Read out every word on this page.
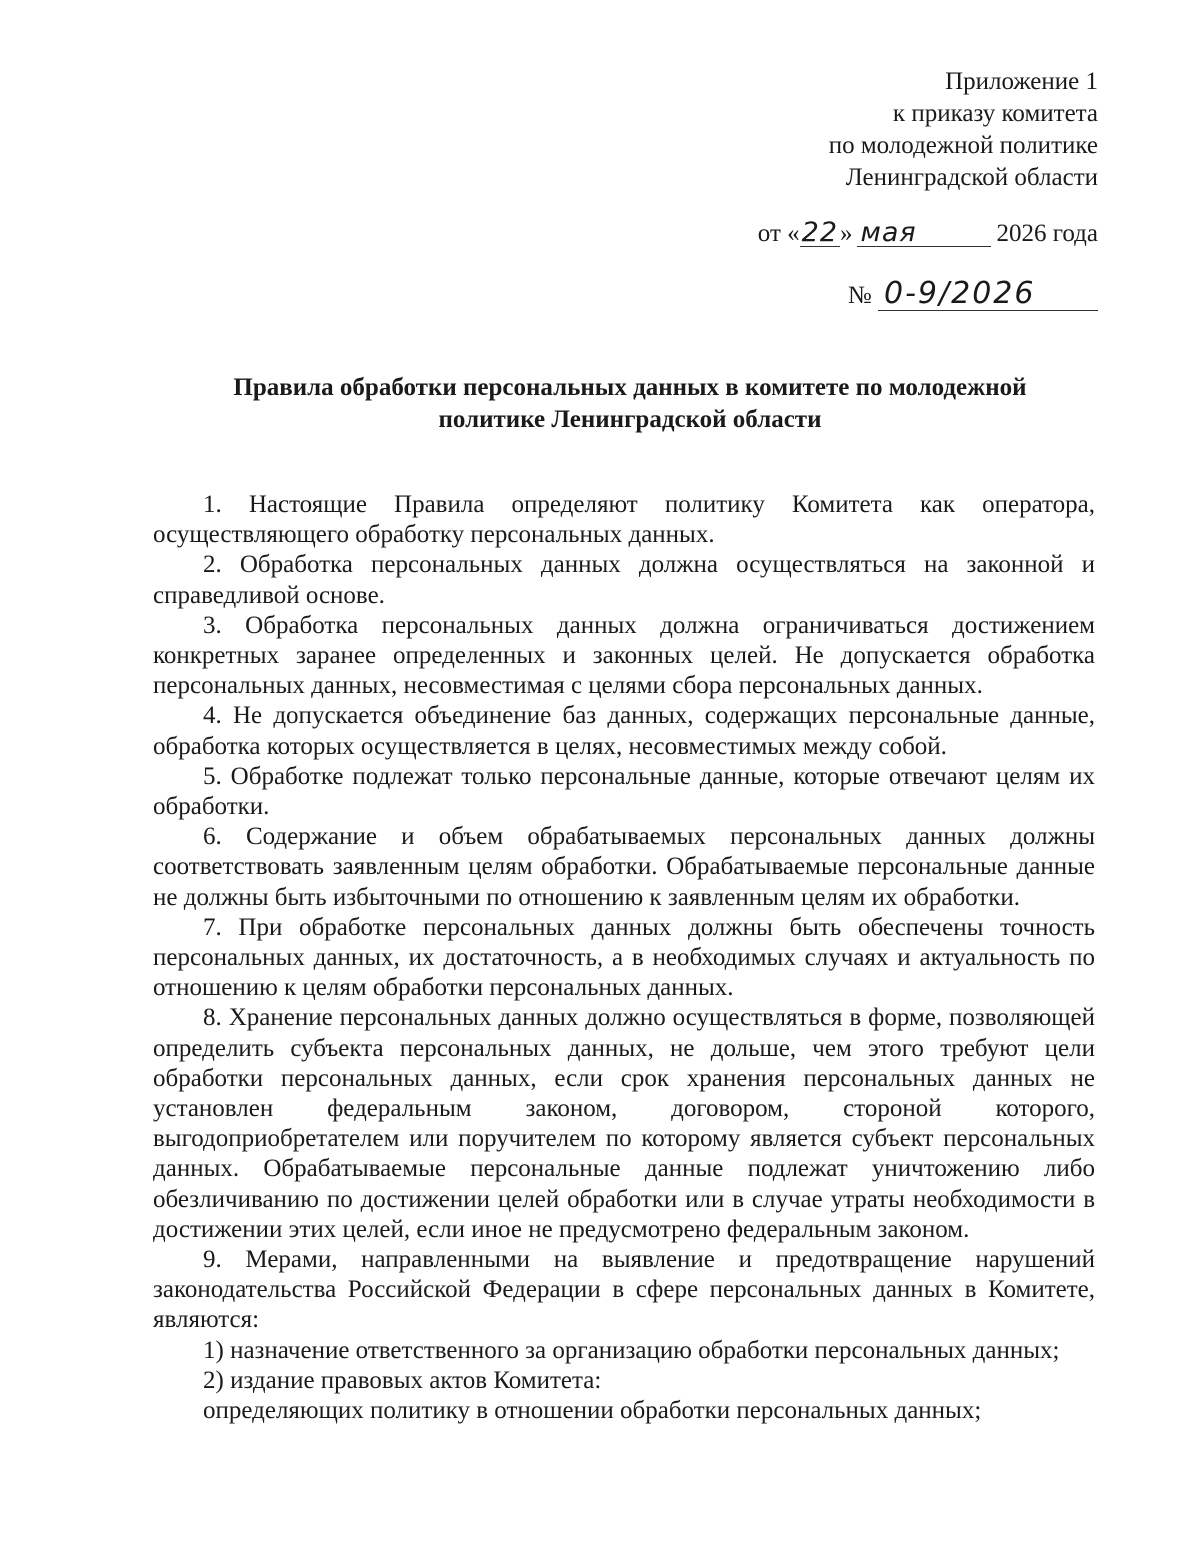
Приложение 1
к приказу комитета
по молодежной политике
Ленинградской области
от «22» мая	2026 года
№ 0-9/2026
Правила обработки персональных данных в комитете по молодежной
политике Ленинградской области

1. Настоящие Правила определяют политику Комитета как оператора, осуществляющего обработку персональных данных.

2. Обработка персональных данных должна осуществляться на законной и справедливой основе.

3. Обработка персональных данных должна ограничиваться достижением конкретных заранее определенных и законных целей. Не допускается обработка персональных данных, несовместимая с целями сбора персональных данных.

4. Не допускается объединение баз данных, содержащих персональные данные, обработка которых осуществляется в целях, несовместимых между собой.

5. Обработке подлежат только персональные данные, которые отвечают целям их обработки.

6. Содержание и объем обрабатываемых персональных данных должны соответствовать заявленным целям обработки. Обрабатываемые персональные данные не должны быть избыточными по отношению к заявленным целям их обработки.

7. При обработке персональных данных должны быть обеспечены точность персональных данных, их достаточность, а в необходимых случаях и актуальность по отношению к целям обработки персональных данных.

8. Хранение персональных данных должно осуществляться в форме, позволяющей определить субъекта персональных данных, не дольше, чем этого требуют цели обработки персональных данных, если срок хранения персональных данных не установлен федеральным законом, договором, стороной которого, выгодоприобретателем или поручителем по которому является субъект персональных данных. Обрабатываемые персональные данные подлежат уничтожению либо обезличиванию по достижении целей обработки или в случае утраты необходимости в достижении этих целей, если иное не предусмотрено федеральным законом.

9. Мерами, направленными на выявление и предотвращение нарушений законодательства Российской Федерации в сфере персональных данных в Комитете, являются:

1) назначение ответственного за организацию обработки персональных данных;

2) издание правовых актов Комитета:

определяющих политику в отношении обработки персональных данных;
